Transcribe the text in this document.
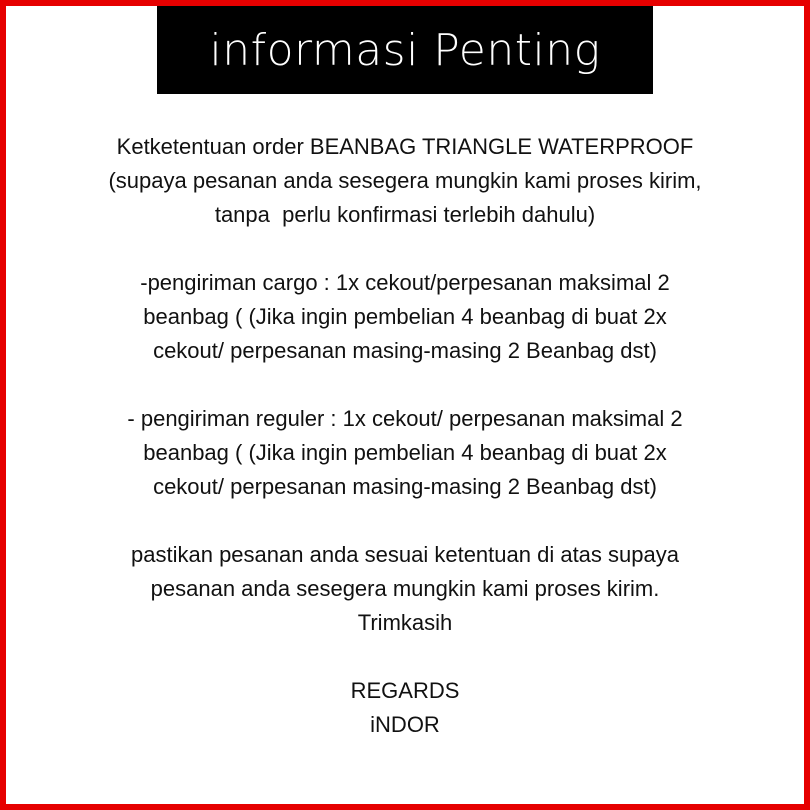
informasi Penting

Ketketentuan order BEANBAG TRIANGLE WATERPROOF
(supaya pesanan anda sesegera mungkin kami proses kirim,
tanpa  perlu konfirmasi terlebih dahulu)

-pengiriman cargo : 1x cekout/perpesanan maksimal 2
beanbag ( (Jika ingin pembelian 4 beanbag di buat 2x
cekout/ perpesanan masing-masing 2 Beanbag dst)

- pengiriman reguler : 1x cekout/ perpesanan maksimal 2
beanbag ( (Jika ingin pembelian 4 beanbag di buat 2x
cekout/ perpesanan masing-masing 2 Beanbag dst)

pastikan pesanan anda sesuai ketentuan di atas supaya
pesanan anda sesegera mungkin kami proses kirim.
Trimkasih

REGARDS
iNDOR
